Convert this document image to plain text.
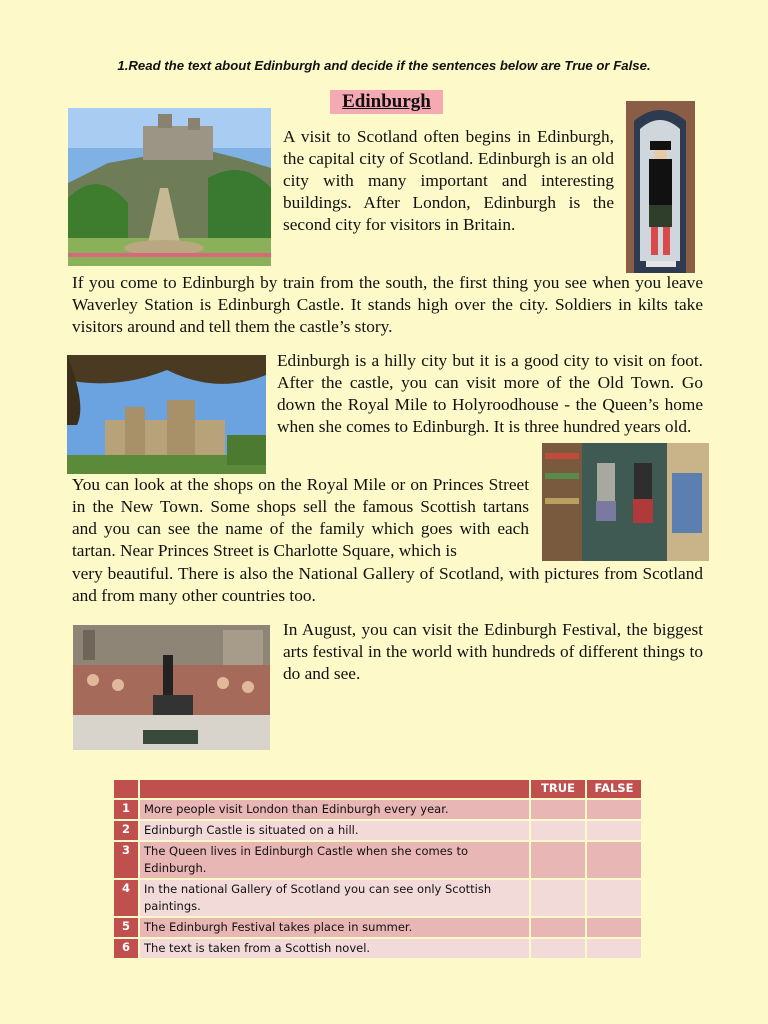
1.Read the text about Edinburgh and decide if the sentences below are True or False.
Edinburgh

A visit to Scotland often begins in Edinburgh, the capital city of Scotland. Edinburgh is an old city with many important and interesting buildings. After London, Edinburgh is the second city for visitors in Britain.

If you come to Edinburgh by train from the south, the first thing you see when you leave Waverley Station is Edinburgh Castle. It stands high over the city. Soldiers in kilts take visitors around and tell them the castle’s story.

Edinburgh is a hilly city but it is a good city to visit on foot. After the castle, you can visit more of the Old Town. Go down the Royal Mile to Holyroodhouse - the Queen’s home when she comes to Edinburgh. It is three hundred years old.

You can look at the shops on the Royal Mile or on Princes Street in the New Town. Some shops sell the famous Scottish tartans and you can see the name of the family which goes with each tartan. Near Princes Street is Charlotte Square, which is

very beautiful. There is also the National Gallery of Scotland, with pictures from Scotland and from many other countries too.

In August, you can visit the Edinburgh Festival, the biggest arts festival in the world with hundreds of different things to do and see.

		TRUE	FALSE
1	More people visit London than Edinburgh every year.		
2	Edinburgh Castle is situated on a hill.		
3	The Queen lives in Edinburgh Castle when she comes to Edinburgh.		
4	In the national Gallery of Scotland you can see only Scottish paintings.		
5	The Edinburgh Festival takes place in summer.		
6	The text is taken from a Scottish novel.		
